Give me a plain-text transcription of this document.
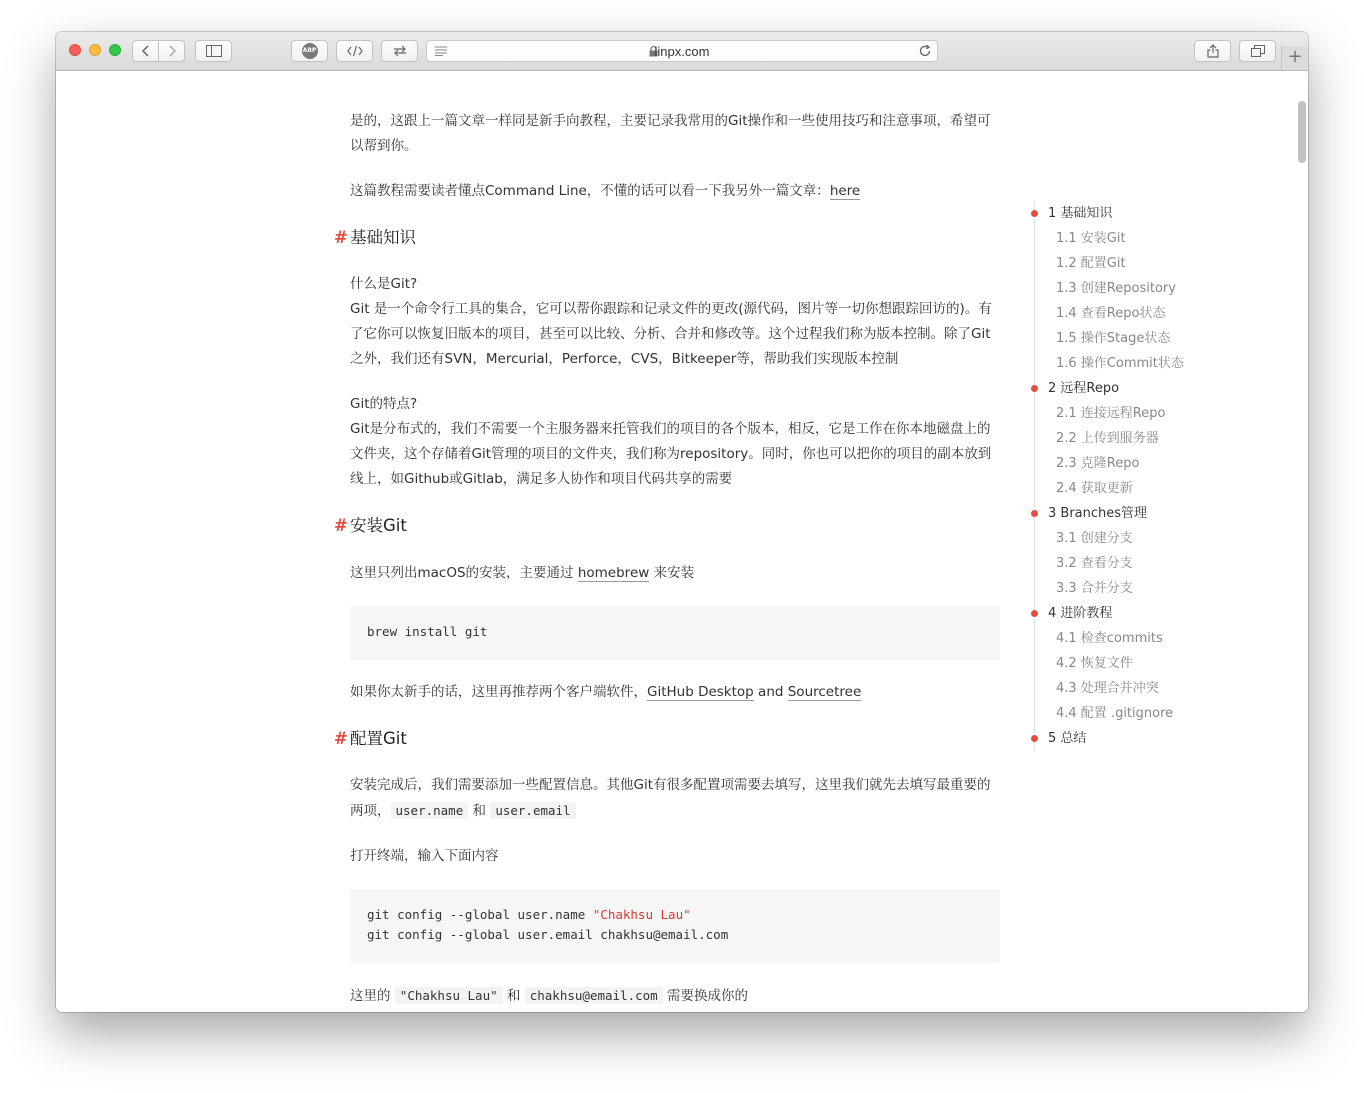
ABP	linpx.com	+

是的，这跟上一篇文章一样同是新手向教程，主要记录我常用的Git操作和一些使用技巧和注意事项，希望可以帮到你。

这篇教程需要读者懂点Command Line，不懂的话可以看一下我另外一篇文章：here

# 基础知识

什么是Git?

Git 是一个命令行工具的集合，它可以帮你跟踪和记录文件的更改(源代码，图片等一切你想跟踪回访的)。有了它你可以恢复旧版本的项目，甚至可以比较、分析、合并和修改等。这个过程我们称为版本控制。除了Git之外，我们还有SVN，Mercurial，Perforce，CVS，Bitkeeper等，帮助我们实现版本控制

Git的特点?

Git是分布式的，我们不需要一个主服务器来托管我们的项目的各个版本，相反，它是工作在你本地磁盘上的文件夹，这个存储着Git管理的项目的文件夹，我们称为repository。同时，你也可以把你的项目的副本放到线上，如Github或Gitlab，满足多人协作和项目代码共享的需要

# 安装Git

这里只列出macOS的安装，主要通过 homebrew 来安装

brew install git

如果你太新手的话，这里再推荐两个客户端软件，GitHub Desktop and Sourcetree

# 配置Git

安装完成后，我们需要添加一些配置信息。其他Git有很多配置项需要去填写，这里我们就先去填写最重要的两项， user.name 和 user.email

打开终端，输入下面内容

git config --global user.name "Chakhsu Lau"
git config --global user.email chakhsu@email.com

这里的 "Chakhsu Lau" 和 chakhsu@email.com 需要换成你的

1 基础知识
1.1 安装Git
1.2 配置Git
1.3 创建Repository
1.4 查看Repo状态
1.5 操作Stage状态
1.6 操作Commit状态
2 远程Repo
2.1 连接远程Repo
2.2 上传到服务器
2.3 克隆Repo
2.4 获取更新
3 Branches管理
3.1 创建分支
3.2 查看分支
3.3 合并分支
4 进阶教程
4.1 检查commits
4.2 恢复文件
4.3 处理合并冲突
4.4 配置 .gitignore
5 总结
